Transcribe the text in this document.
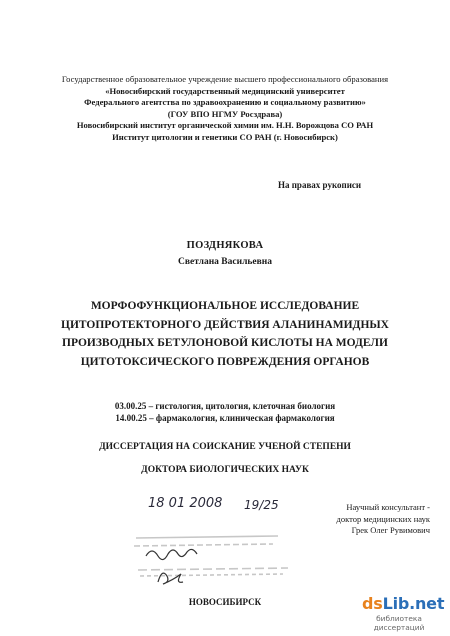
Государственное образовательное учреждение высшего профессионального образования
«Новосибирский государственный медицинский университет
Федерального агентства по здравоохранению и социальному развитию»
(ГОУ ВПО НГМУ Росздрава)
Новосибирский институт органической химии им. Н.Н. Ворожцова СО РАН
Институт цитологии и генетики СО РАН (г. Новосибирск)
На правах рукописи
ПОЗДНЯКОВА
Светлана Васильевна
МОРФОФУНКЦИОНАЛЬНОЕ ИССЛЕДОВАНИЕ
ЦИТОПРОТЕКТОРНОГО ДЕЙСТВИЯ АЛАНИНАМИДНЫХ
ПРОИЗВОДНЫХ БЕТУЛОНОВОЙ КИСЛОТЫ НА МОДЕЛИ
ЦИТОТОКСИЧЕСКОГО ПОВРЕЖДЕНИЯ ОРГАНОВ
03.00.25 – гистология, цитология, клеточная биология
14.00.25 – фармакология, клиническая фармакология
ДИССЕРТАЦИЯ НА СОИСКАНИЕ УЧЕНОЙ СТЕПЕНИ
ДОКТОРА БИОЛОГИЧЕСКИХ НАУК
Научный консультант -
доктор медицинских наук
Грек Олег Рувимович
18 01 2008 19/25
НОВОСИБИРСК	dsLib.net
библиотека диссертаций
